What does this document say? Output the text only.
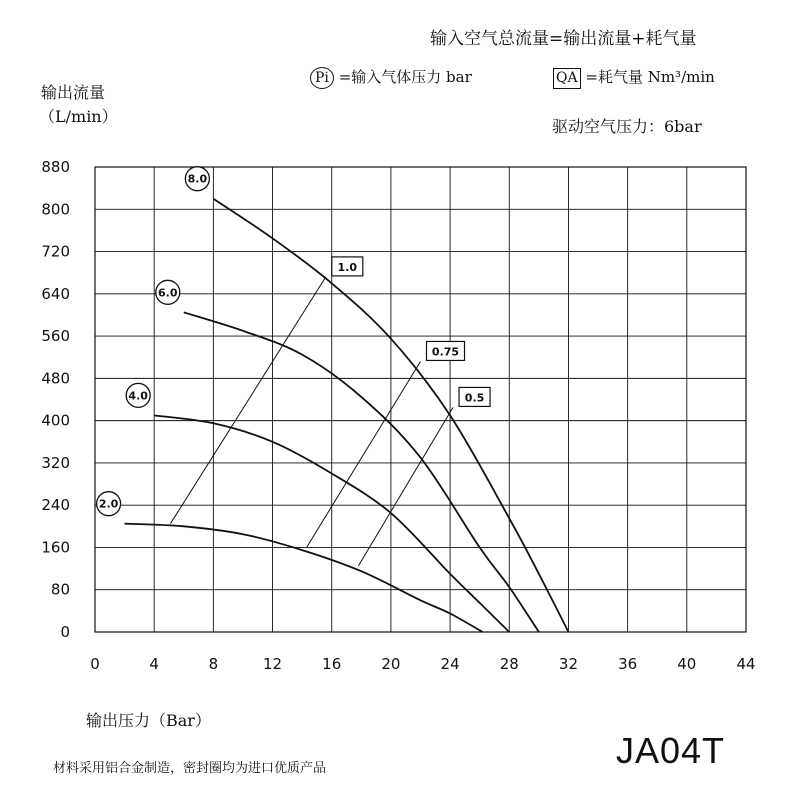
输入空气总流量=输出流量+耗气量
Pi =输入气体压力 bar	QA =耗气量 Nm³/min
驱动空气压力：6bar
输出流量
（L/min）
0
80
160
240
320
400
480
560
640
720
800
880
0	4	8	12	16	20	24	28	32	36	40	44
8.0
6.0
4.0
2.0
1.0
0.75
0.5
输出压力（Bar）
材料采用铝合金制造，密封圈均为进口优质产品	JA04T
